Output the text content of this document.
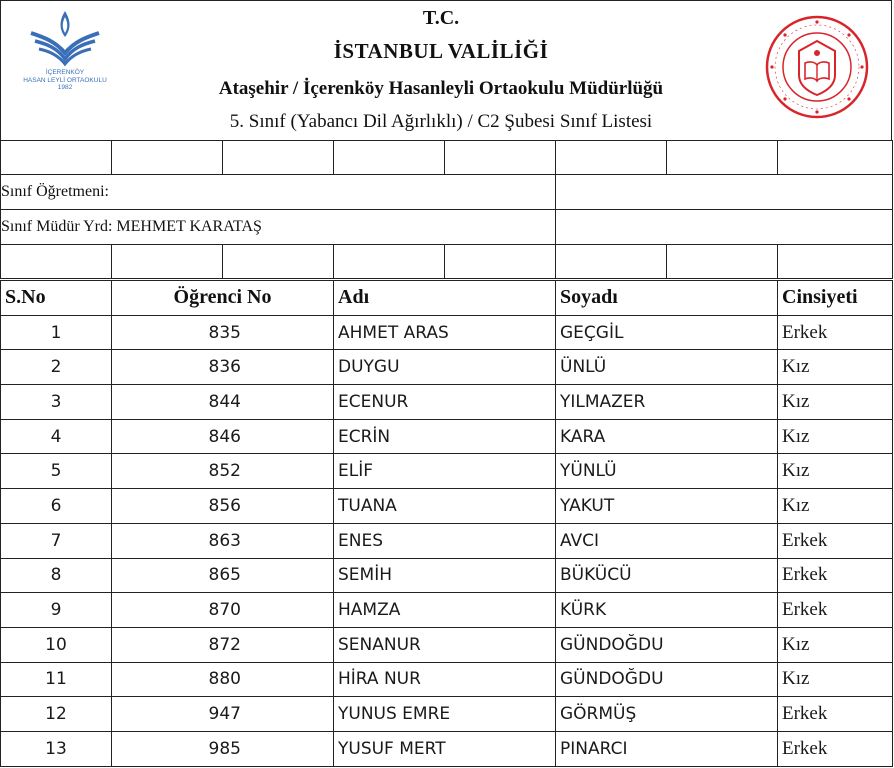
İÇERENKÖY
HASAN LEYLİ ORTAOKULU
1982
T.C.
İSTANBUL VALİLİĞİ
Ataşehir / İçerenköy Hasanleyli Ortaokulu Müdürlüğü
5. Sınıf (Yabancı Dil Ağırlıklı) / C2 Şubesi Sınıf Listesi

Sınıf Öğretmeni:							
Sınıf Müdür Yrd: MEHMET KARATAŞ							

S.No	Öğrenci No	Adı	Soyadı	Cinsiyeti
1	835	AHMET ARAS	GEÇGİL	Erkek
2	836	DUYGU	ÜNLÜ	Kız
3	844	ECENUR	YILMAZER	Kız
4	846	ECRİN	KARA	Kız
5	852	ELİF	YÜNLÜ	Kız
6	856	TUANA	YAKUT	Kız
7	863	ENES	AVCI	Erkek
8	865	SEMİH	BÜKÜCÜ	Erkek
9	870	HAMZA	KÜRK	Erkek
10	872	SENANUR	GÜNDOĞDU	Kız
11	880	HİRA NUR	GÜNDOĞDU	Kız
12	947	YUNUS EMRE	GÖRMÜŞ	Erkek
13	985	YUSUF MERT	PINARCI	Erkek
